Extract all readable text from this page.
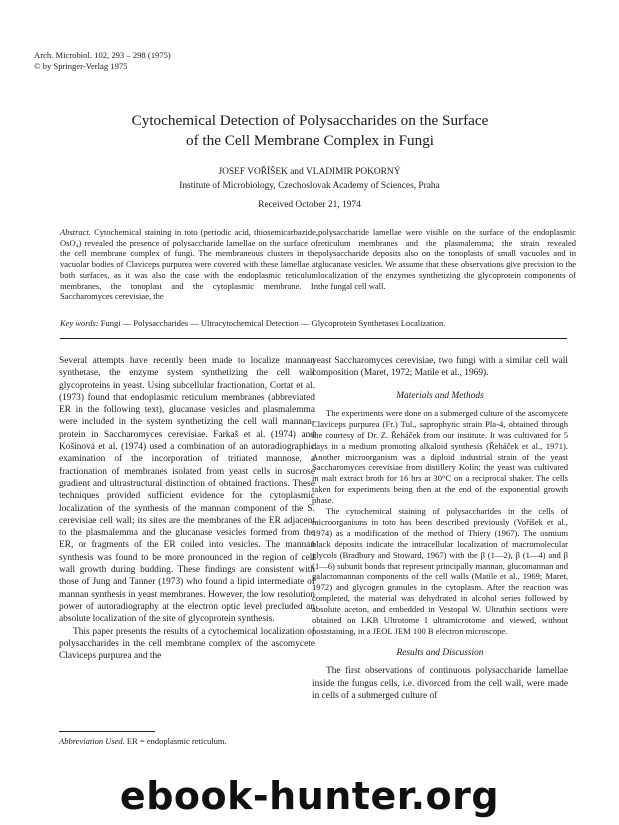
Arch. Microbiol. 102, 293 – 298 (1975)
© by Springer-Verlag 1975
Cytochemical Detection of Polysaccharides on the Surface
of the Cell Membrane Complex in Fungi
JOSEF VOŘÍŠEK and VLADIMIR POKORNÝ
Institute of Microbiology, Czechoslovak Academy of Sciences, Praha
Received October 21, 1974
Abstract. Cytochemical staining in toto (periodic acid, thiosemicarbazide, OsO₄) revealed the presence of polysaccharide lamellae on the surface of the cell membrane complex of fungi. The membraneous clusters in the vacuolar bodies of Claviceps purpurea were covered with these lamellae at both surfaces, as it was also the case with the endoplasmic reticulum membranes, the tonoplast and the cytoplasmic membrane. In Saccharomyces cerevisiae, the
polysaccharide lamellae were visible on the surface of the endoplasmic reticulum membranes and the plasmalemma; the strain revealed polysaccharide deposits also on the tonoplasts of small vacuoles and in glucanase vesicles. We assume that these observations give precision to the localization of the enzymes synthetizing the glycoprotein components of the fungal cell wall.
Key words: Fungi — Polysaccharides — Ultracytochemical Detection — Glycoprotein Synthetases Localization.

Several attempts have recently been made to localize mannan synthetase, the enzyme system synthetizing the cell wall glycoproteins in yeast. Using subcellular fractionation, Cortat et al. (1973) found that endoplasmic reticulum membranes (abbreviated ER in the following text), glucanase vesicles and plasmalemma were included in the system synthetizing the cell wall mannan-protein in Saccharomyces cerevisiae. Farkaš et al. (1974) and Košinová et al. (1974) used a combination of an autoradiographic examination of the incorporation of tritiated mannose, a fractionation of membranes isolated from yeast cells in sucrose gradient and ultrastructural distinction of obtained fractions. These techniques provided sufficient evidence for the cytoplasmic localization of the synthesis of the mannan component of the S. cerevisiae cell wall; its sites are the membranes of the ER adjacent to the plasmalemma and the glucanase vesicles formed from the ER, or fragments of the ER coiled into vesicles. The mannan synthesis was found to be more pronounced in the region of cell wall growth during budding. These findings are consistent with those of Jung and Tanner (1973) who found a lipid intermediate of mannan synthesis in yeast membranes. However, the low resolution power of autoradiography at the electron optic level precluded an absolute localization of the site of glycoprotein synthesis.

This paper presents the results of a cytochemical localization of polysaccharides in the cell membrane complex of the ascomycete Claviceps purpurea and the

yeast Saccharomyces cerevisiae, two fungi with a similar cell wall composition (Maret, 1972; Matile et al., 1969).

Materials and Methods

The experiments were done on a submerged culture of the ascomycete Claviceps purpurea (Fr.) Tul., saprophytic strain Pla-4, obtained through the courtesy of Dr. Z. Řeháček from our institute. It was cultivated for 5 days in a medium promoting alkaloid synthesis (Řeháček et al., 1971). Another microorganism was a diploid industrial strain of the yeast Saccharomyces cerevisiae from distillery Kolín; the yeast was cultivated in malt extract broth for 16 hrs at 30°C on a reciprocal shaker. The cells taken for experiments being then at the end of the exponential growth phase.

The cytochemical staining of polysaccharides in the cells of microorganisms in toto has been described previously (Voříšek et al., 1974) as a modification of the method of Thiery (1967). The osmium black deposits indicate the intracellular localization of macromolecular glycols (Bradbury and Stoward, 1967) with the β (1—2), β (1—4) and β (1—6) subunit bonds that represent principally mannan, glucomannan and galactomannan components of the cell walls (Matile et al., 1969; Maret, 1972) and glycogen granules in the cytoplasm. After the reaction was completed, the material was dehydrated in alcohol series followed by absolute aceton, and embedded in Vestopal W. Ultrathin sections were obtained on LKB Ultrotome I ultramicrotome and viewed, without poststaining, in a JEOL JEM 100 B electron microscope.

Results and Discussion

The first observations of continuous polysaccharide lamellae inside the fungus cells, i.e. divorced from the cell wall, were made in cells of a submerged culture of

Abbreviation Used. ER = endoplasmic reticulum.
ebook-hunter.org
